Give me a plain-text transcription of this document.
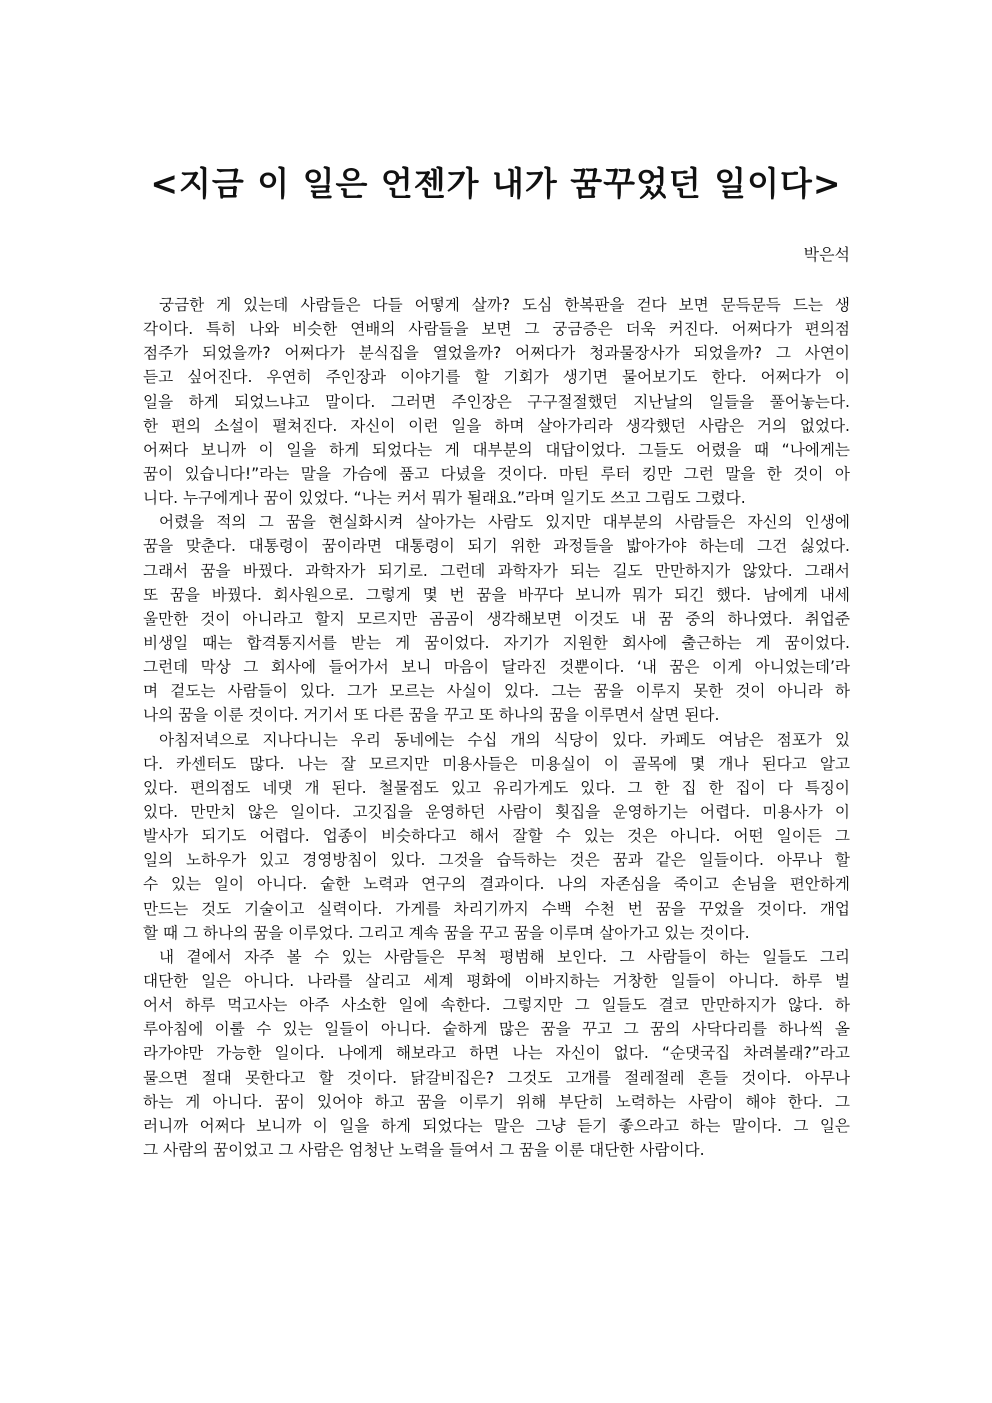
<지금 이 일은 언젠가 내가 꿈꾸었던 일이다>
박은석
궁금한 게 있는데 사람들은 다들 어떻게 살까? 도심 한복판을 걷다 보면 문득문득 드는 생
각이다. 특히 나와 비슷한 연배의 사람들을 보면 그 궁금증은 더욱 커진다. 어쩌다가 편의점
점주가 되었을까? 어쩌다가 분식집을 열었을까? 어쩌다가 청과물장사가 되었을까? 그 사연이
듣고 싶어진다. 우연히 주인장과 이야기를 할 기회가 생기면 물어보기도 한다. 어쩌다가 이
일을 하게 되었느냐고 말이다. 그러면 주인장은 구구절절했던 지난날의 일들을 풀어놓는다.
한 편의 소설이 펼쳐진다. 자신이 이런 일을 하며 살아가리라 생각했던 사람은 거의 없었다.
어쩌다 보니까 이 일을 하게 되었다는 게 대부분의 대답이었다. 그들도 어렸을 때 “나에게는
꿈이 있습니다!”라는 말을 가슴에 품고 다녔을 것이다. 마틴 루터 킹만 그런 말을 한 것이 아
니다. 누구에게나 꿈이 있었다. “나는 커서 뭐가 될래요.”라며 일기도 쓰고 그림도 그렸다.
어렸을 적의 그 꿈을 현실화시켜 살아가는 사람도 있지만 대부분의 사람들은 자신의 인생에
꿈을 맞춘다. 대통령이 꿈이라면 대통령이 되기 위한 과정들을 밟아가야 하는데 그건 싫었다.
그래서 꿈을 바꿨다. 과학자가 되기로. 그런데 과학자가 되는 길도 만만하지가 않았다. 그래서
또 꿈을 바꿨다. 회사원으로. 그렇게 몇 번 꿈을 바꾸다 보니까 뭐가 되긴 했다. 남에게 내세
울만한 것이 아니라고 할지 모르지만 곰곰이 생각해보면 이것도 내 꿈 중의 하나였다. 취업준
비생일 때는 합격통지서를 받는 게 꿈이었다. 자기가 지원한 회사에 출근하는 게 꿈이었다.
그런데 막상 그 회사에 들어가서 보니 마음이 달라진 것뿐이다. ‘내 꿈은 이게 아니었는데’라
며 겉도는 사람들이 있다. 그가 모르는 사실이 있다. 그는 꿈을 이루지 못한 것이 아니라 하
나의 꿈을 이룬 것이다. 거기서 또 다른 꿈을 꾸고 또 하나의 꿈을 이루면서 살면 된다.
아침저녁으로 지나다니는 우리 동네에는 수십 개의 식당이 있다. 카페도 여남은 점포가 있
다. 카센터도 많다. 나는 잘 모르지만 미용사들은 미용실이 이 골목에 몇 개나 된다고 알고
있다. 편의점도 네댓 개 된다. 철물점도 있고 유리가게도 있다. 그 한 집 한 집이 다 특징이
있다. 만만치 않은 일이다. 고깃집을 운영하던 사람이 횟집을 운영하기는 어렵다. 미용사가 이
발사가 되기도 어렵다. 업종이 비슷하다고 해서 잘할 수 있는 것은 아니다. 어떤 일이든 그
일의 노하우가 있고 경영방침이 있다. 그것을 습득하는 것은 꿈과 같은 일들이다. 아무나 할
수 있는 일이 아니다. 숱한 노력과 연구의 결과이다. 나의 자존심을 죽이고 손님을 편안하게
만드는 것도 기술이고 실력이다. 가게를 차리기까지 수백 수천 번 꿈을 꾸었을 것이다. 개업
할 때 그 하나의 꿈을 이루었다. 그리고 계속 꿈을 꾸고 꿈을 이루며 살아가고 있는 것이다.
내 곁에서 자주 볼 수 있는 사람들은 무척 평범해 보인다. 그 사람들이 하는 일들도 그리
대단한 일은 아니다. 나라를 살리고 세계 평화에 이바지하는 거창한 일들이 아니다. 하루 벌
어서 하루 먹고사는 아주 사소한 일에 속한다. 그렇지만 그 일들도 결코 만만하지가 않다. 하
루아침에 이룰 수 있는 일들이 아니다. 숱하게 많은 꿈을 꾸고 그 꿈의 사닥다리를 하나씩 올
라가야만 가능한 일이다. 나에게 해보라고 하면 나는 자신이 없다. “순댓국집 차려볼래?”라고
물으면 절대 못한다고 할 것이다. 닭갈비집은? 그것도 고개를 절레절레 흔들 것이다. 아무나
하는 게 아니다. 꿈이 있어야 하고 꿈을 이루기 위해 부단히 노력하는 사람이 해야 한다. 그
러니까 어쩌다 보니까 이 일을 하게 되었다는 말은 그냥 듣기 좋으라고 하는 말이다. 그 일은
그 사람의 꿈이었고 그 사람은 엄청난 노력을 들여서 그 꿈을 이룬 대단한 사람이다.
